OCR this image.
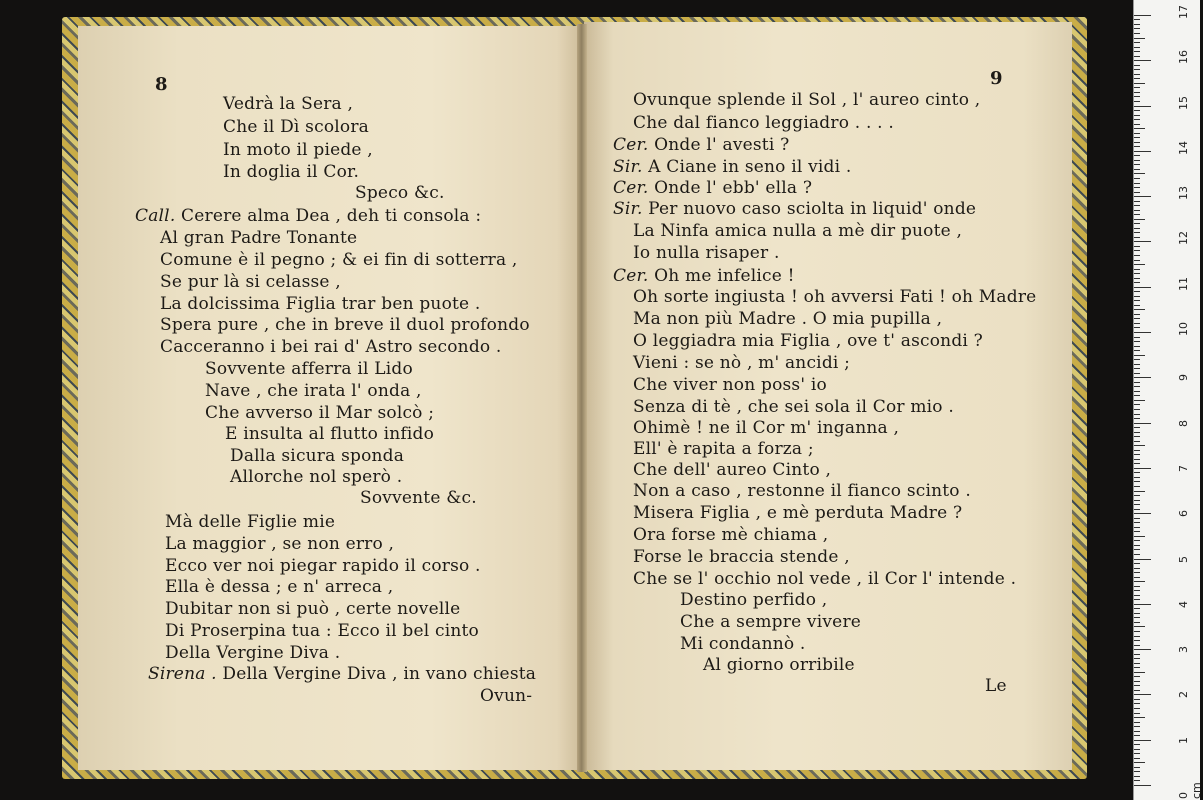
8	9
Vedrà la Sera ,
Che il Dì scolora
In moto il piede ,
In doglia il Cor.
Speco &c.
Call. Cerere alma Dea , deh ti consola :
Al gran Padre Tonante
Comune è il pegno ; & ei fin di sotterra ,
Se pur là si celasse ,
La dolcissima Figlia trar ben puote .
Spera pure , che in breve il duol profondo
Cacceranno i bei rai d' Astro secondo .
Sovvente afferra il Lido
Nave , che irata l' onda ,
Che avverso il Mar solcò ;
E insulta al flutto infido
Dalla sicura sponda
Allorche nol sperò .
Sovvente &c.
Mà delle Figlie mie
La maggior , se non erro ,
Ecco ver noi piegar rapido il corso .
Ella è dessa ; e n' arreca ,
Dubitar non si può , certe novelle
Di Proserpina tua : Ecco il bel cinto
Della Vergine Diva .
Sirena . Della Vergine Diva , in vano chiesta
Ovun-
Ovunque splende il Sol , l' aureo cinto ,
Che dal fianco leggiadro . . . .
Cer. Onde l' avesti ?
Sir. A Ciane in seno il vidi .
Cer. Onde l' ebb' ella ?
Sir. Per nuovo caso sciolta in liquid' onde
La Ninfa amica nulla a mè dir puote ,
Io nulla risaper .
Cer. Oh me infelice !
Oh sorte ingiusta ! oh avversi Fati ! oh Madre
Ma non più Madre . O mia pupilla ,
O leggiadra mia Figlia , ove t' ascondi ?
Vieni : se nò , m' ancidi ;
Che viver non poss' io
Senza di tè , che sei sola il Cor mio .
Ohimè ! ne il Cor m' inganna ,
Ell' è rapita a forza ;
Che dell' aureo Cinto ,
Non a caso , restonne il fianco scinto .
Misera Figlia , e mè perduta Madre ?
Ora forse mè chiama ,
Forse le braccia stende ,
Che se l' occhio nol vede , il Cor l' intende .
Destino perfido ,
Che a sempre vivere
Mi condannò .
Al giorno orribile
Le
0 cm
1
2
3
4
5
6
7
8
9
10
11
12
13
14
15
16
17
